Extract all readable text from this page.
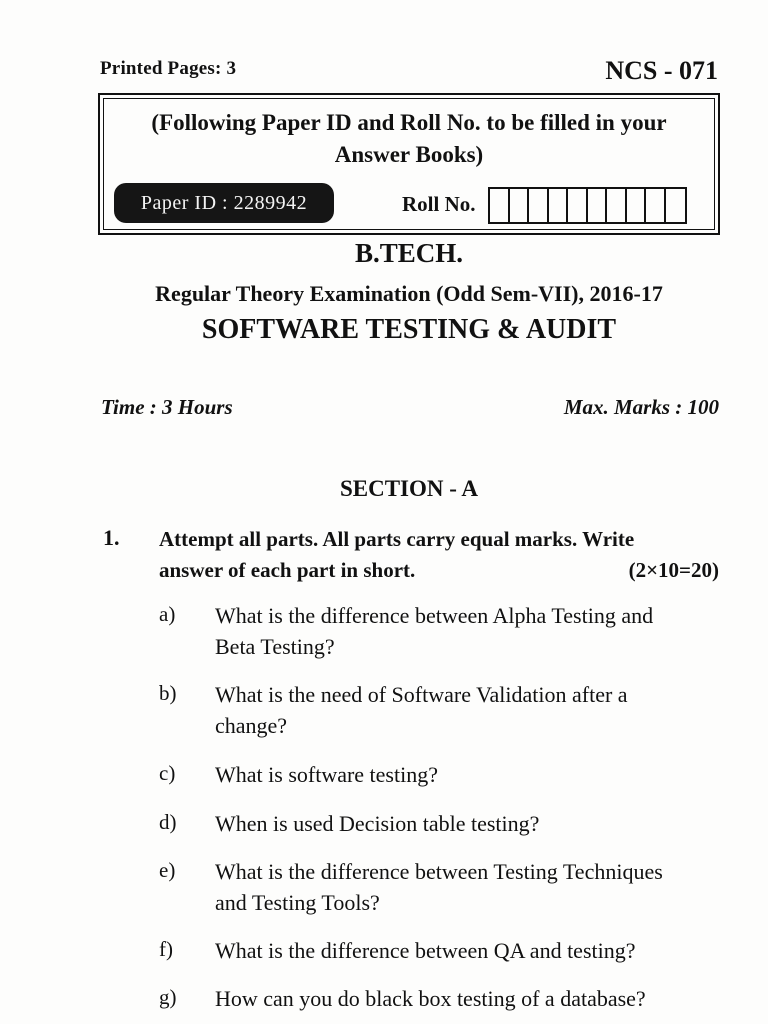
Printed Pages: 3	NCS - 071
(Following Paper ID and Roll No. to be filled in your
Answer Books)
Paper ID : 2289942	Roll No.
B.TECH.
Regular Theory Examination (Odd Sem-VII), 2016-17
SOFTWARE TESTING & AUDIT
Time : 3 Hours	Max. Marks : 100
SECTION - A
1. Attempt all parts. All parts carry equal marks. Write
answer of each part in short.	(2×10=20)
a) What is the difference between Alpha Testing and
Beta Testing?
b) What is the need of Software Validation after a
change?
c) What is software testing?
d) When is used Decision table testing?
e) What is the difference between Testing Techniques
and Testing Tools?
f) What is the difference between QA and testing?
g) How can you do black box testing of a database?
